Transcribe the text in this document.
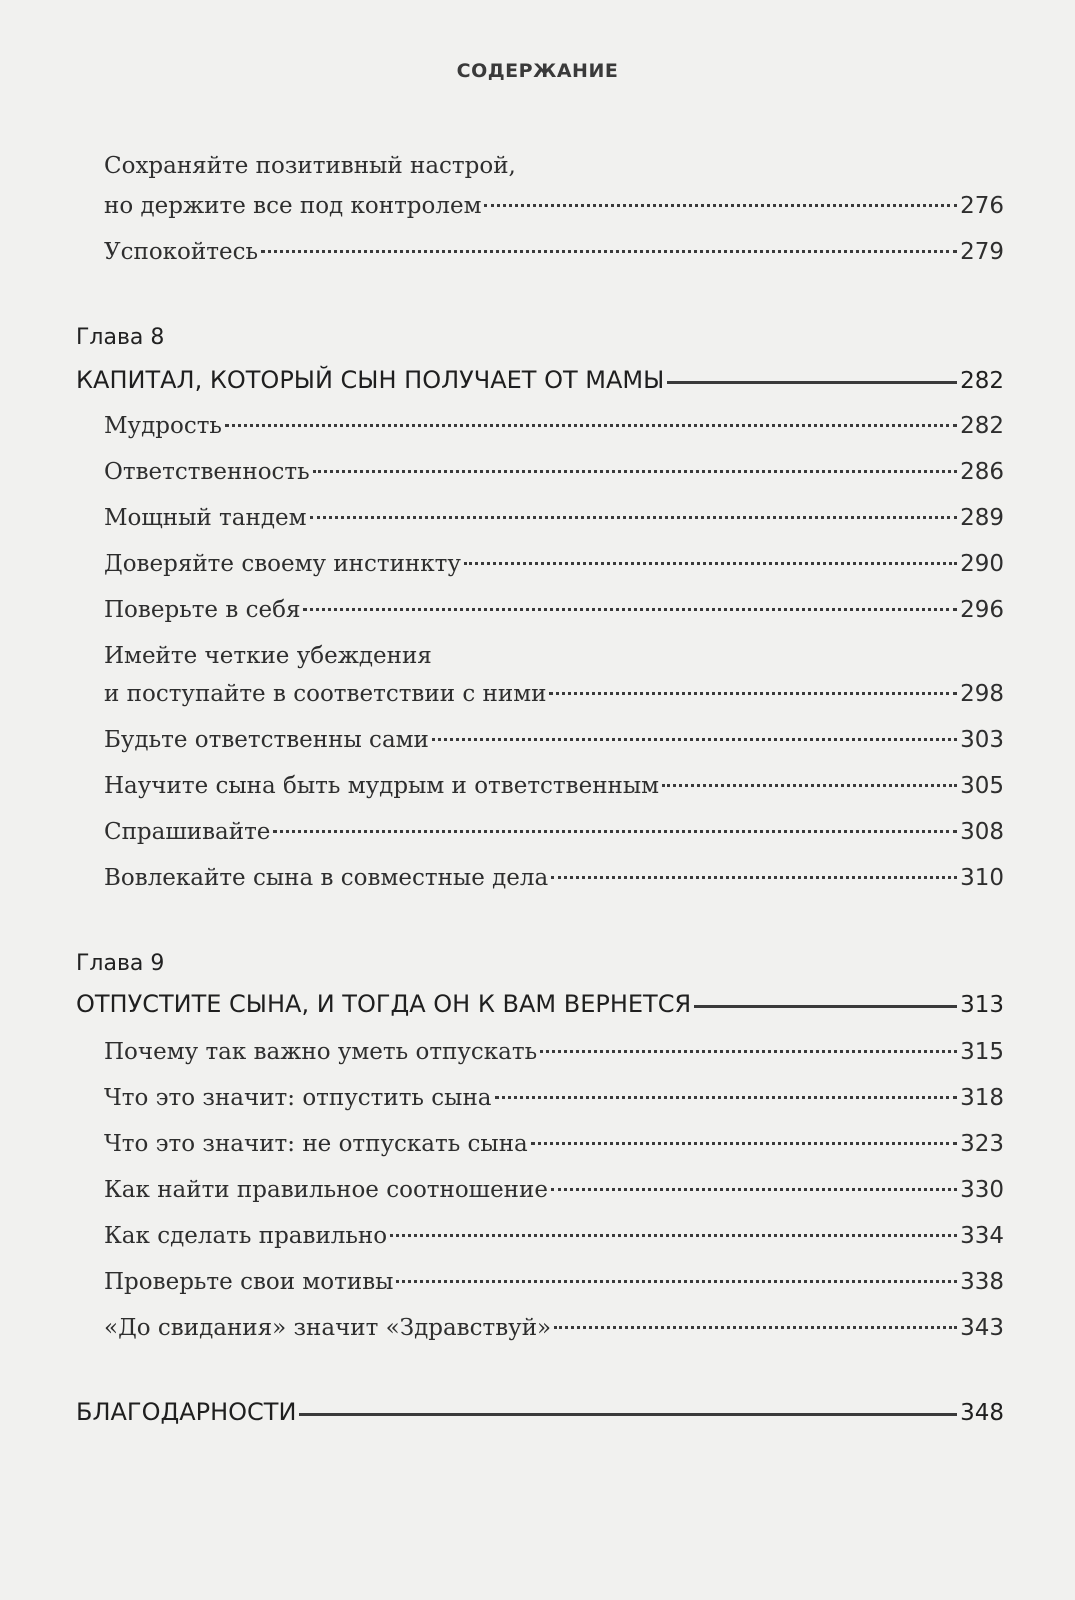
СОДЕРЖАНИЕ
Сохраняйте позитивный настрой,
но держите все под контролем	276
Успокойтесь	279
Глава 8
КАПИТАЛ, КОТОРЫЙ СЫН ПОЛУЧАЕТ ОТ МАМЫ	282
Мудрость	282
Ответственность	286
Мощный тандем	289
Доверяйте своему инстинкту	290
Поверьте в себя	296
Имейте четкие убеждения
и поступайте в соответствии с ними	298
Будьте ответственны сами	303
Научите сына быть мудрым и ответственным	305
Спрашивайте	308
Вовлекайте сына в совместные дела	310
Глава 9
ОТПУСТИТЕ СЫНА, И ТОГДА ОН К ВАМ ВЕРНЕТСЯ	313
Почему так важно уметь отпускать	315
Что это значит: отпустить сына	318
Что это значит: не отпускать сына	323
Как найти правильное соотношение	330
Как сделать правильно	334
Проверьте свои мотивы	338
«До свидания» значит «Здравствуй»	343
БЛАГОДАРНОСТИ	348
